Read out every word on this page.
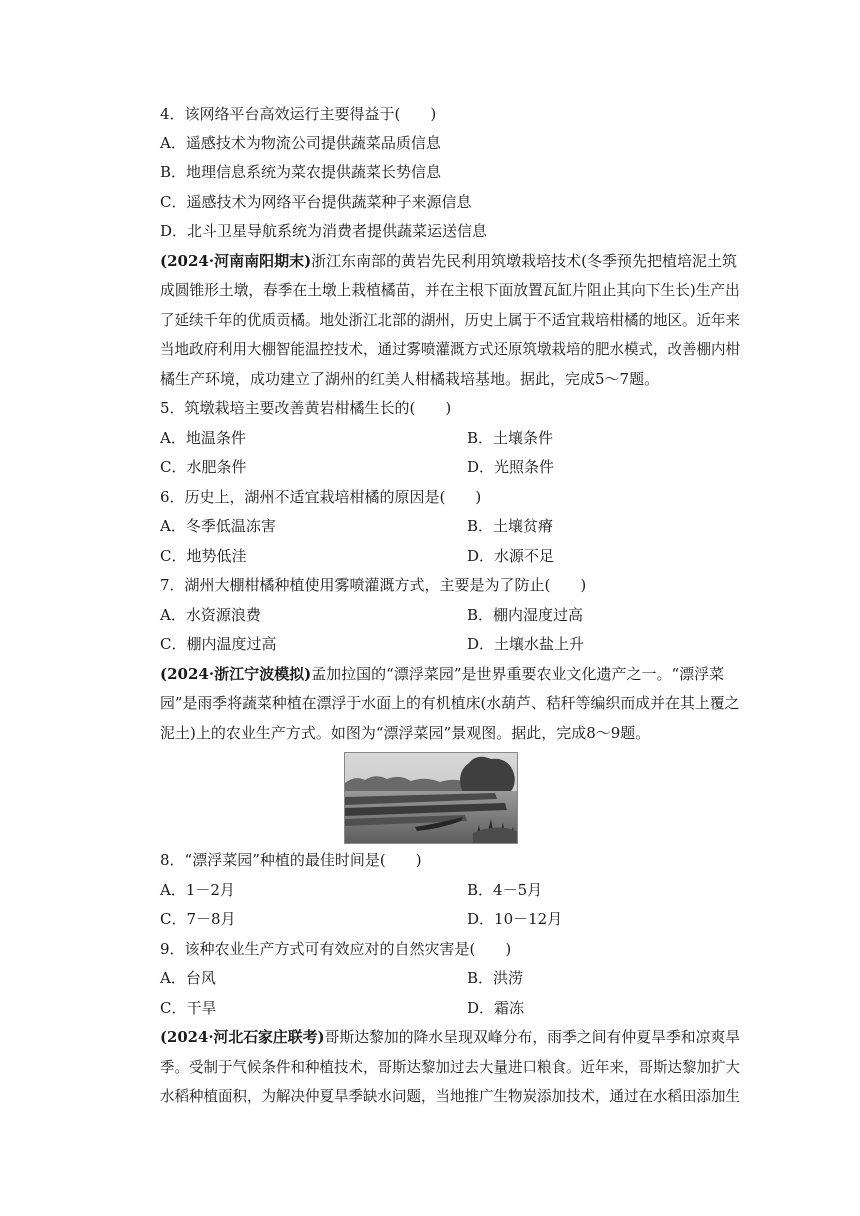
4．该网络平台高效运行主要得益于(　　)
A．遥感技术为物流公司提供蔬菜品质信息
B．地理信息系统为菜农提供蔬菜长势信息
C．遥感技术为网络平台提供蔬菜种子来源信息
D．北斗卫星导航系统为消费者提供蔬菜运送信息
(2024·河南南阳期末)浙江东南部的黄岩先民利用筑墩栽培技术(冬季预先把植培泥土筑
成圆锥形土墩，春季在土墩上栽植橘苗，并在主根下面放置瓦缸片阻止其向下生长)生产出
了延续千年的优质贡橘。地处浙江北部的湖州，历史上属于不适宜栽培柑橘的地区。近年来
当地政府利用大棚智能温控技术，通过雾喷灌溉方式还原筑墩栽培的肥水模式，改善棚内柑
橘生产环境，成功建立了湖州的红美人柑橘栽培基地。据此，完成5～7题。
5．筑墩栽培主要改善黄岩柑橘生长的(　　)
A．地温条件	B．土壤条件
C．水肥条件	D．光照条件
6．历史上，湖州不适宜栽培柑橘的原因是(　　)
A．冬季低温冻害	B．土壤贫瘠
C．地势低洼	D．水源不足
7．湖州大棚柑橘种植使用雾喷灌溉方式，主要是为了防止(　　)
A．水资源浪费	B．棚内湿度过高
C．棚内温度过高	D．土壤水盐上升
(2024·浙江宁波模拟)孟加拉国的“漂浮菜园”是世界重要农业文化遗产之一。“漂浮菜
园”是雨季将蔬菜种植在漂浮于水面上的有机植床(水葫芦、秸秆等编织而成并在其上覆之
泥土)上的农业生产方式。如图为“漂浮菜园”景观图。据此，完成8～9题。
8．“漂浮菜园”种植的最佳时间是(　　)
A．1－2月	B．4－5月
C．7－8月	D．10－12月
9．该种农业生产方式可有效应对的自然灾害是(　　)
A．台风	B．洪涝
C．干旱	D．霜冻
(2024·河北石家庄联考)哥斯达黎加的降水呈现双峰分布，雨季之间有仲夏旱季和凉爽旱
季。受制于气候条件和种植技术，哥斯达黎加过去大量进口粮食。近年来，哥斯达黎加扩大
水稻种植面积，为解决仲夏旱季缺水问题，当地推广生物炭添加技术，通过在水稻田添加生
